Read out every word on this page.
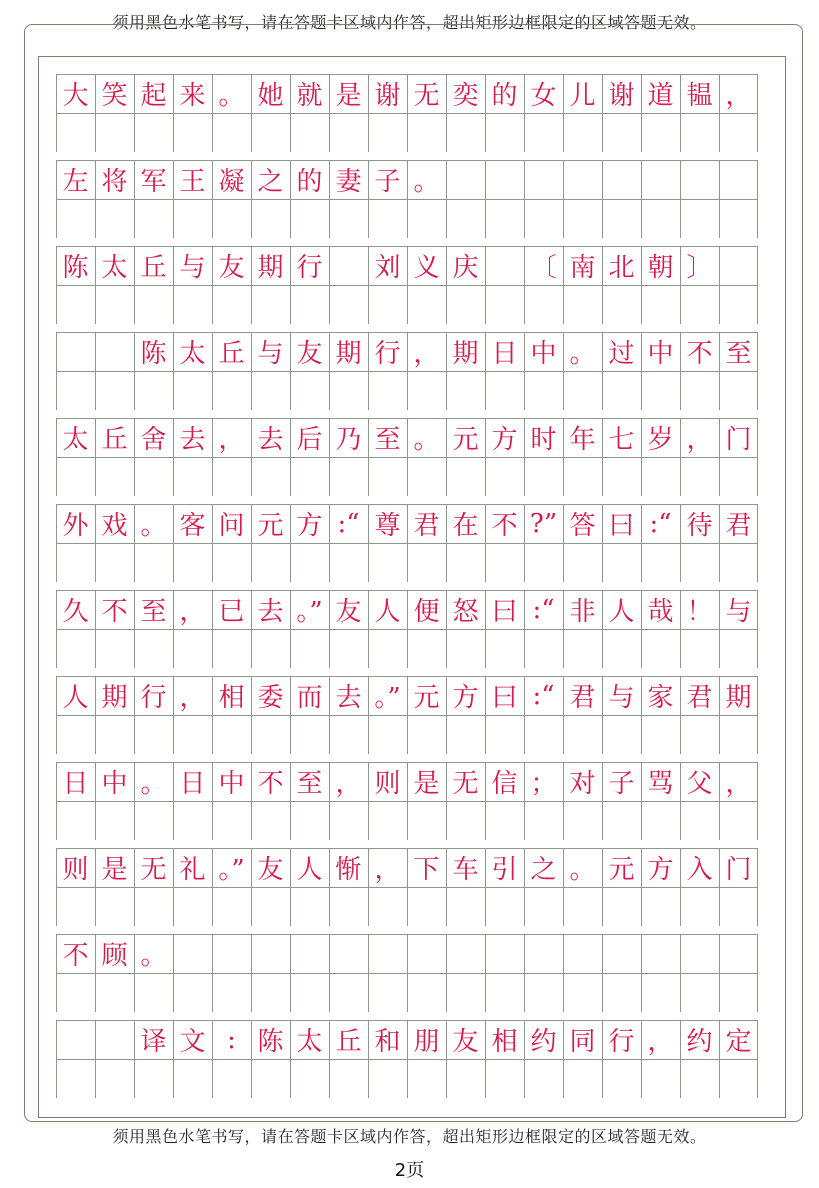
须用黑色水笔书写，请在答题卡区域内作答，超出矩形边框限定的区域答题无效。
大 笑 起 来 。 她 就 是 谢 无 奕 的 女 儿 谢 道 韫 ，
左 将 军 王 凝 之 的 妻 子 。
陈 太 丘 与 友 期 行 刘 义 庆 〔 南 北 朝 〕
陈 太 丘 与 友 期 行 ， 期 日 中 。 过 中 不 至
太 丘 舍 去 ， 去 后 乃 至 。 元 方 时 年 七 岁 ， 门
外 戏 。 客 问 元 方 :“ 尊 君 在 不 ?” 答 曰 :“ 待 君
久 不 至 ， 已 去 。” 友 人 便 怒 曰 :“ 非 人 哉 ！ 与
人 期 行 ， 相 委 而 去 。” 元 方 曰 :“ 君 与 家 君 期
日 中 。 日 中 不 至 ， 则 是 无 信 ； 对 子 骂 父 ，
则 是 无 礼 。” 友 人 惭 ， 下 车 引 之 。 元 方 入 门
不 顾 。
译 文 : 陈 太 丘 和 朋 友 相 约 同 行 ， 约 定
须用黑色水笔书写，请在答题卡区域内作答，超出矩形边框限定的区域答题无效。
2页
